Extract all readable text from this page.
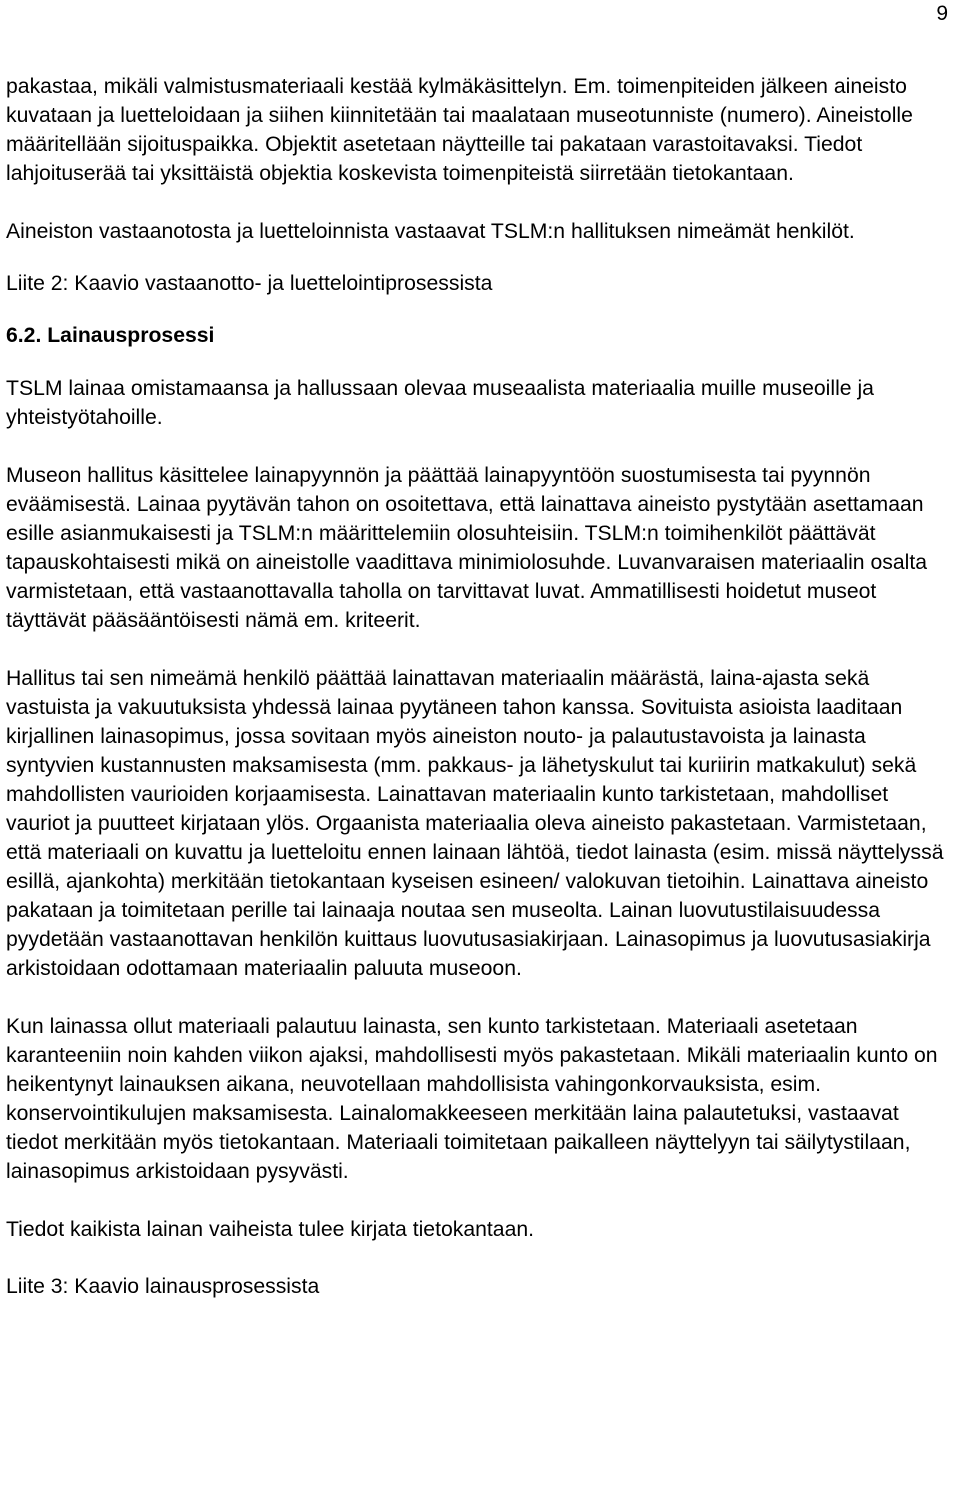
9

pakastaa, mikäli valmistusmateriaali kestää kylmäkäsittelyn. Em. toimenpiteiden jälkeen aineisto kuvataan ja luetteloidaan ja siihen kiinnitetään tai maalataan museotunniste (numero). Aineistolle määritellään sijoituspaikka. Objektit asetetaan näytteille tai pakataan varastoitavaksi. Tiedot lahjoituserää tai yksittäistä objektia koskevista toimenpiteistä siirretään tietokantaan.

Aineiston vastaanotosta ja luetteloinnista vastaavat TSLM:n hallituksen nimeämät henkilöt.

Liite 2: Kaavio vastaanotto- ja luettelointiprosessista

6.2. Lainausprosessi

TSLM lainaa omistamaansa ja hallussaan olevaa museaalista materiaalia muille museoille ja yhteistyötahoille.

Museon hallitus käsittelee lainapyynnön ja päättää lainapyyntöön suostumisesta tai pyynnön eväämisestä. Lainaa pyytävän tahon on osoitettava, että lainattava aineisto pystytään asettamaan esille asianmukaisesti ja TSLM:n määrittelemiin olosuhteisiin. TSLM:n toimihenkilöt päättävät tapauskohtaisesti mikä on aineistolle vaadittava minimiolosuhde. Luvanvaraisen materiaalin osalta varmistetaan, että vastaanottavalla taholla on tarvittavat luvat. Ammatillisesti hoidetut museot täyttävät pääsääntöisesti nämä em. kriteerit.

Hallitus tai sen nimeämä henkilö päättää lainattavan materiaalin määrästä, laina-ajasta sekä vastuista ja vakuutuksista yhdessä lainaa pyytäneen tahon kanssa. Sovituista asioista laaditaan kirjallinen lainasopimus, jossa sovitaan myös aineiston nouto- ja palautustavoista ja lainasta syntyvien kustannusten maksamisesta (mm. pakkaus- ja lähetyskulut tai kuriirin matkakulut) sekä mahdollisten vaurioiden korjaamisesta. Lainattavan materiaalin kunto tarkistetaan, mahdolliset vauriot ja puutteet kirjataan ylös. Orgaanista materiaalia oleva aineisto pakastetaan. Varmistetaan, että materiaali on kuvattu ja luetteloitu ennen lainaan lähtöä, tiedot lainasta (esim. missä näyttelyssä esillä, ajankohta) merkitään tietokantaan kyseisen esineen/ valokuvan tietoihin. Lainattava aineisto pakataan ja toimitetaan perille tai lainaaja noutaa sen museolta. Lainan luovutustilaisuudessa pyydetään vastaanottavan henkilön kuittaus luovutusasiakirjaan. Lainasopimus ja luovutusasiakirja arkistoidaan odottamaan materiaalin paluuta museoon.

Kun lainassa ollut materiaali palautuu lainasta, sen kunto tarkistetaan. Materiaali asetetaan karanteeniin noin kahden viikon ajaksi, mahdollisesti myös pakastetaan. Mikäli materiaalin kunto on heikentynyt lainauksen aikana, neuvotellaan mahdollisista vahingonkorvauksista, esim. konservointikulujen maksamisesta. Lainalomakkeeseen merkitään laina palautetuksi, vastaavat tiedot merkitään myös tietokantaan. Materiaali toimitetaan paikalleen näyttelyyn tai säilytystilaan, lainasopimus arkistoidaan pysyvästi.

Tiedot kaikista lainan vaiheista tulee kirjata tietokantaan.

Liite 3: Kaavio lainausprosessista
